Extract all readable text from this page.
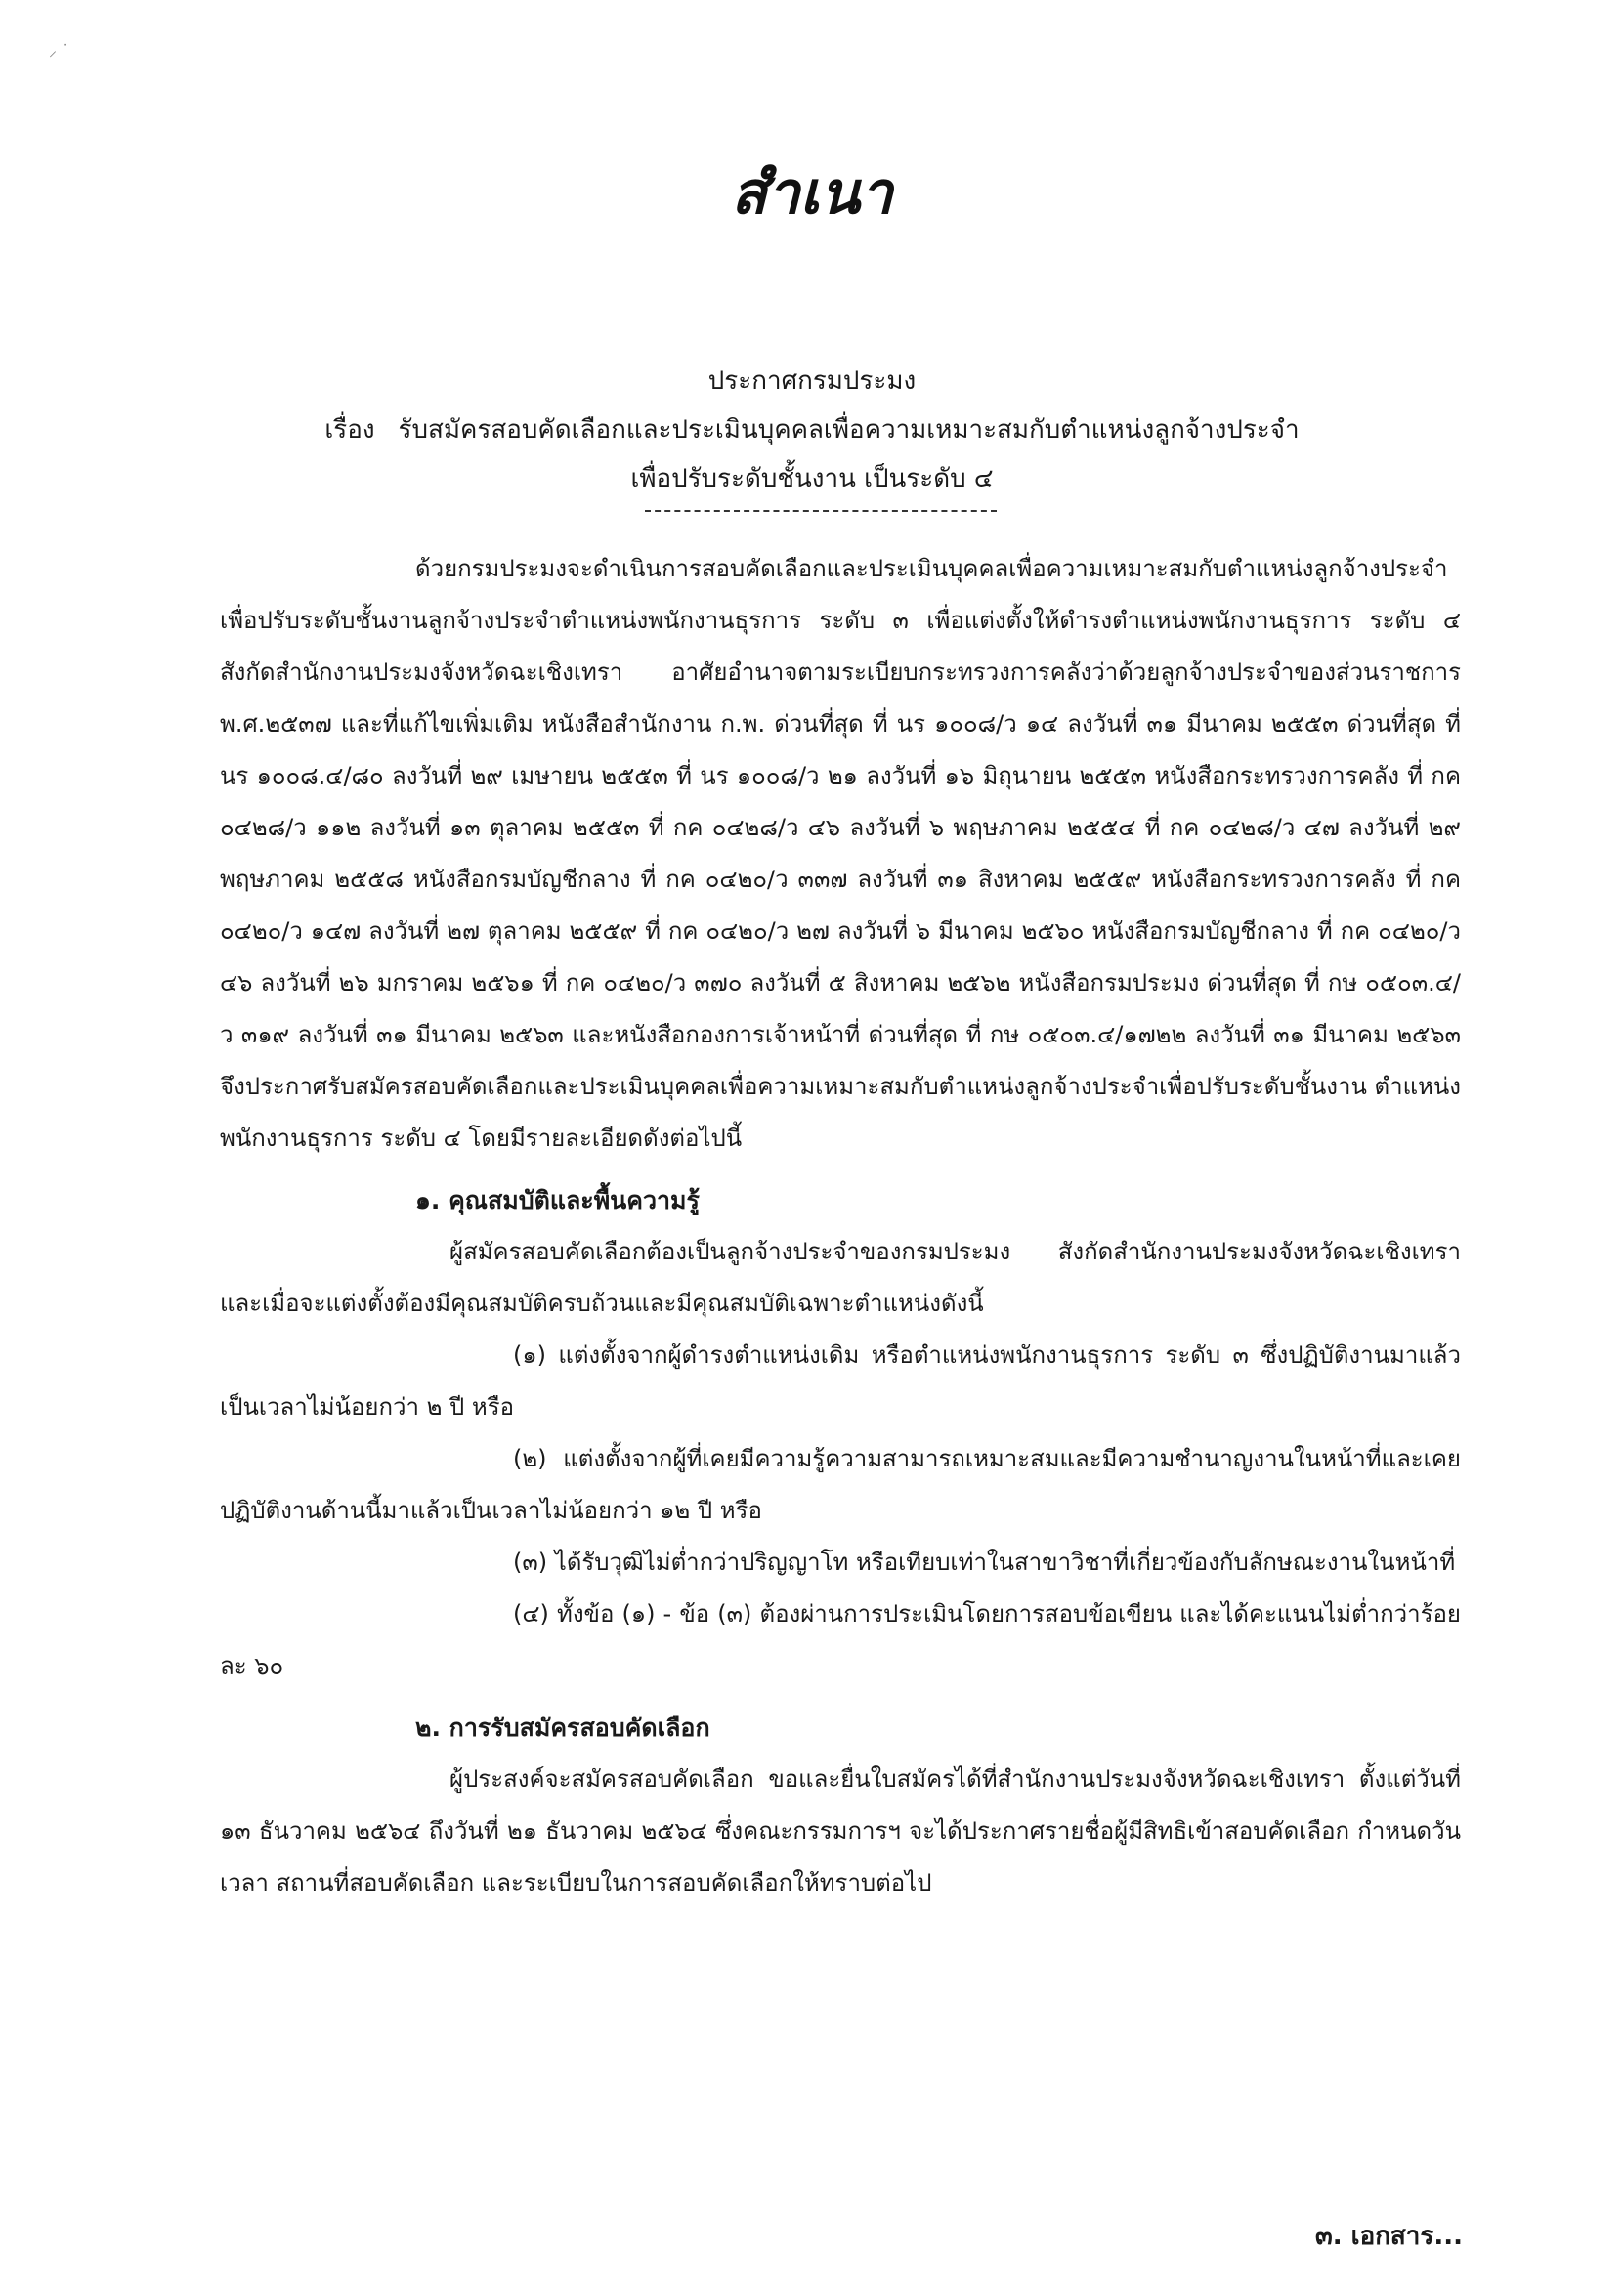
⸝ ˙
สำเนา
ประกาศกรมประมง
เรื่อง รับสมัครสอบคัดเลือกและประเมินบุคคลเพื่อความเหมาะสมกับตำแหน่งลูกจ้างประจำ
เพื่อปรับระดับชั้นงาน เป็นระดับ ๔

ด้วยกรมประมงจะดำเนินการสอบคัดเลือกและประเมินบุคคลเพื่อความเหมาะสมกับตำแหน่งลูกจ้างประจำเพื่อปรับระดับชั้นงานลูกจ้างประจำตำแหน่งพนักงานธุรการ ระดับ ๓ เพื่อแต่งตั้งให้ดำรงตำแหน่งพนักงานธุรการ ระดับ ๔ สังกัดสำนักงานประมงจังหวัดฉะเชิงเทรา อาศัยอำนาจตามระเบียบกระทรวงการคลังว่าด้วยลูกจ้างประจำของส่วนราชการ พ.ศ.๒๕๓๗ และที่แก้ไขเพิ่มเติม หนังสือสำนักงาน ก.พ. ด่วนที่สุด ที่ นร ๑๐๐๘/ว ๑๔ ลงวันที่ ๓๑ มีนาคม ๒๕๕๓ ด่วนที่สุด ที่ นร ๑๐๐๘.๔/๘๐ ลงวันที่ ๒๙ เมษายน ๒๕๕๓ ที่ นร ๑๐๐๘/ว ๒๑ ลงวันที่ ๑๖ มิถุนายน ๒๕๕๓ หนังสือกระทรวงการคลัง ที่ กค ๐๔๒๘/ว ๑๑๒ ลงวันที่ ๑๓ ตุลาคม ๒๕๕๓ ที่ กค ๐๔๒๘/ว ๔๖ ลงวันที่ ๖ พฤษภาคม ๒๕๕๔ ที่ กค ๐๔๒๘/ว ๔๗ ลงวันที่ ๒๙ พฤษภาคม ๒๕๕๘ หนังสือกรมบัญชีกลาง ที่ กค ๐๔๒๐/ว ๓๓๗ ลงวันที่ ๓๑ สิงหาคม ๒๕๕๙ หนังสือกระทรวงการคลัง ที่ กค ๐๔๒๐/ว ๑๔๗ ลงวันที่ ๒๗ ตุลาคม ๒๕๕๙ ที่ กค ๐๔๒๐/ว ๒๗ ลงวันที่ ๖ มีนาคม ๒๕๖๐ หนังสือกรมบัญชีกลาง ที่ กค ๐๔๒๐/ว ๔๖ ลงวันที่ ๒๖ มกราคม ๒๕๖๑ ที่ กค ๐๔๒๐/ว ๓๗๐ ลงวันที่ ๕ สิงหาคม ๒๕๖๒ หนังสือกรมประมง ด่วนที่สุด ที่ กษ ๐๕๐๓.๔/ว ๓๑๙ ลงวันที่ ๓๑ มีนาคม ๒๕๖๓ และหนังสือกองการเจ้าหน้าที่ ด่วนที่สุด ที่ กษ ๐๕๐๓.๔/๑๗๒๒ ลงวันที่ ๓๑ มีนาคม ๒๕๖๓ จึงประกาศรับสมัครสอบคัดเลือกและประเมินบุคคลเพื่อความเหมาะสมกับตำแหน่งลูกจ้างประจำเพื่อปรับระดับชั้นงาน ตำแหน่งพนักงานธุรการ ระดับ ๔ โดยมีรายละเอียดดังต่อไปนี้

๑. คุณสมบัติและพื้นความรู้

ผู้สมัครสอบคัดเลือกต้องเป็นลูกจ้างประจำของกรมประมง สังกัดสำนักงานประมงจังหวัดฉะเชิงเทรา และเมื่อจะแต่งตั้งต้องมีคุณสมบัติครบถ้วนและมีคุณสมบัติเฉพาะตำแหน่งดังนี้

(๑) แต่งตั้งจากผู้ดำรงตำแหน่งเดิม หรือตำแหน่งพนักงานธุรการ ระดับ ๓ ซึ่งปฏิบัติงานมาแล้วเป็นเวลาไม่น้อยกว่า ๒ ปี หรือ

(๒) แต่งตั้งจากผู้ที่เคยมีความรู้ความสามารถเหมาะสมและมีความชำนาญงานในหน้าที่และเคยปฏิบัติงานด้านนี้มาแล้วเป็นเวลาไม่น้อยกว่า ๑๒ ปี หรือ

(๓) ได้รับวุฒิไม่ต่ำกว่าปริญญาโท หรือเทียบเท่าในสาขาวิชาที่เกี่ยวข้องกับลักษณะงานในหน้าที่

(๔) ทั้งข้อ (๑) - ข้อ (๓) ต้องผ่านการประเมินโดยการสอบข้อเขียน และได้คะแนนไม่ต่ำกว่าร้อยละ ๖๐

๒. การรับสมัครสอบคัดเลือก

ผู้ประสงค์จะสมัครสอบคัดเลือก ขอและยื่นใบสมัครได้ที่สำนักงานประมงจังหวัดฉะเชิงเทรา ตั้งแต่วันที่ ๑๓ ธันวาคม ๒๕๖๔ ถึงวันที่ ๒๑ ธันวาคม ๒๕๖๔ ซึ่งคณะกรรมการฯ จะได้ประกาศรายชื่อผู้มีสิทธิเข้าสอบคัดเลือก กำหนดวัน เวลา สถานที่สอบคัดเลือก และระเบียบในการสอบคัดเลือกให้ทราบต่อไป

๓. เอกสาร...
